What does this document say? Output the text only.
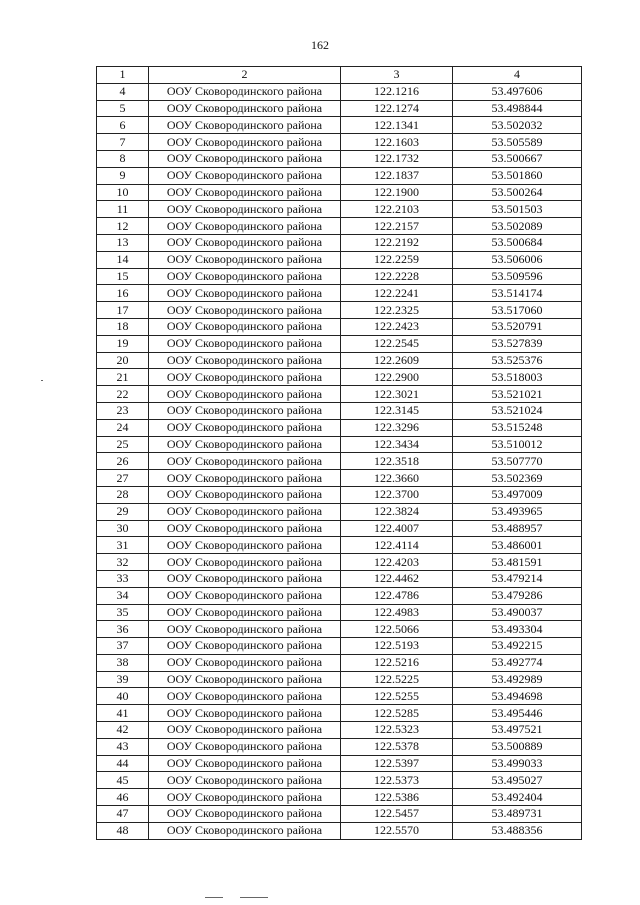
162
1	2	3	4
4	ООУ Сковородинского района	122.1216	53.497606
5	ООУ Сковородинского района	122.1274	53.498844
6	ООУ Сковородинского района	122.1341	53.502032
7	ООУ Сковородинского района	122.1603	53.505589
8	ООУ Сковородинского района	122.1732	53.500667
9	ООУ Сковородинского района	122.1837	53.501860
10	ООУ Сковородинского района	122.1900	53.500264
11	ООУ Сковородинского района	122.2103	53.501503
12	ООУ Сковородинского района	122.2157	53.502089
13	ООУ Сковородинского района	122.2192	53.500684
14	ООУ Сковородинского района	122.2259	53.506006
15	ООУ Сковородинского района	122.2228	53.509596
16	ООУ Сковородинского района	122.2241	53.514174
17	ООУ Сковородинского района	122.2325	53.517060
18	ООУ Сковородинского района	122.2423	53.520791
19	ООУ Сковородинского района	122.2545	53.527839
20	ООУ Сковородинского района	122.2609	53.525376
21	ООУ Сковородинского района	122.2900	53.518003
22	ООУ Сковородинского района	122.3021	53.521021
23	ООУ Сковородинского района	122.3145	53.521024
24	ООУ Сковородинского района	122.3296	53.515248
25	ООУ Сковородинского района	122.3434	53.510012
26	ООУ Сковородинского района	122.3518	53.507770
27	ООУ Сковородинского района	122.3660	53.502369
28	ООУ Сковородинского района	122.3700	53.497009
29	ООУ Сковородинского района	122.3824	53.493965
30	ООУ Сковородинского района	122.4007	53.488957
31	ООУ Сковородинского района	122.4114	53.486001
32	ООУ Сковородинского района	122.4203	53.481591
33	ООУ Сковородинского района	122.4462	53.479214
34	ООУ Сковородинского района	122.4786	53.479286
35	ООУ Сковородинского района	122.4983	53.490037
36	ООУ Сковородинского района	122.5066	53.493304
37	ООУ Сковородинского района	122.5193	53.492215
38	ООУ Сковородинского района	122.5216	53.492774
39	ООУ Сковородинского района	122.5225	53.492989
40	ООУ Сковородинского района	122.5255	53.494698
41	ООУ Сковородинского района	122.5285	53.495446
42	ООУ Сковородинского района	122.5323	53.497521
43	ООУ Сковородинского района	122.5378	53.500889
44	ООУ Сковородинского района	122.5397	53.499033
45	ООУ Сковородинского района	122.5373	53.495027
46	ООУ Сковородинского района	122.5386	53.492404
47	ООУ Сковородинского района	122.5457	53.489731
48	ООУ Сковородинского района	122.5570	53.488356
